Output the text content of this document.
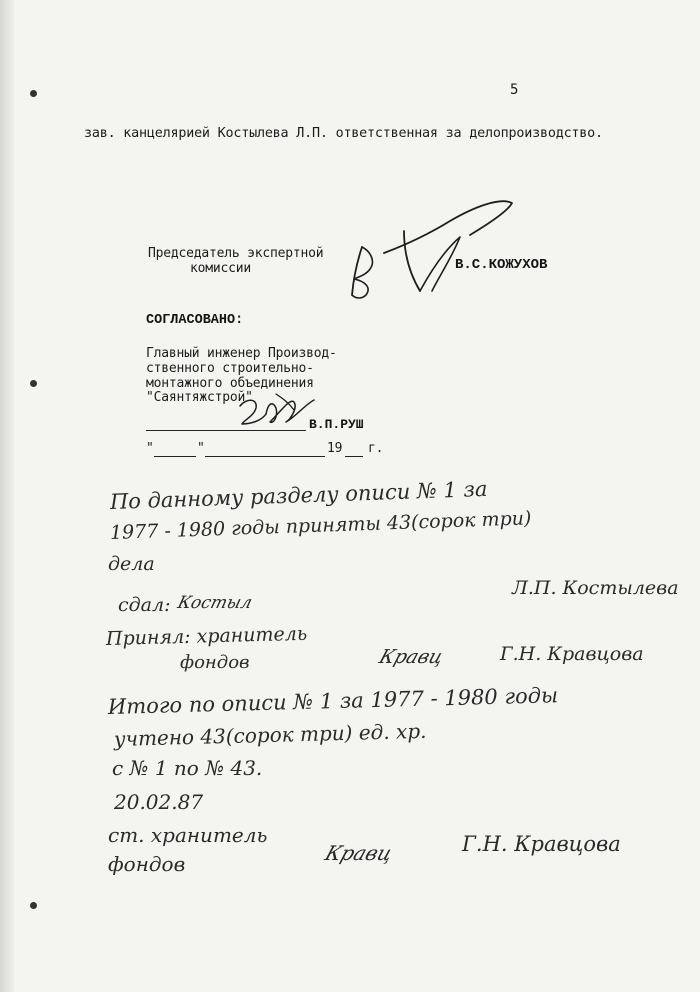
5
зав. канцелярией Костылева Л.П. ответственная за делопроизводство.
Председатель экспертной
комиссии	В.С.КОЖУХОВ
СОГЛАСОВАНО:
Главный инженер Производ-
ственного строительно-
монтажного объединения
"Саянтяжстрой"
В.П.РУШ
"	"	19 г.
По данному разделу описи № 1 за
1977 - 1980 годы приняты 43(сорок три)
дела
Л.П. Костылева
сдал: Костыл
Принял: хранитель
фондов	Кравц	Г.Н. Кравцова
Итого по описи № 1 за 1977 - 1980 годы
учтено 43(сорок три) ед. хр.
с № 1 по № 43.
20.02.87
ст. хранитель
фондов	Кравц	Г.Н. Кравцова
